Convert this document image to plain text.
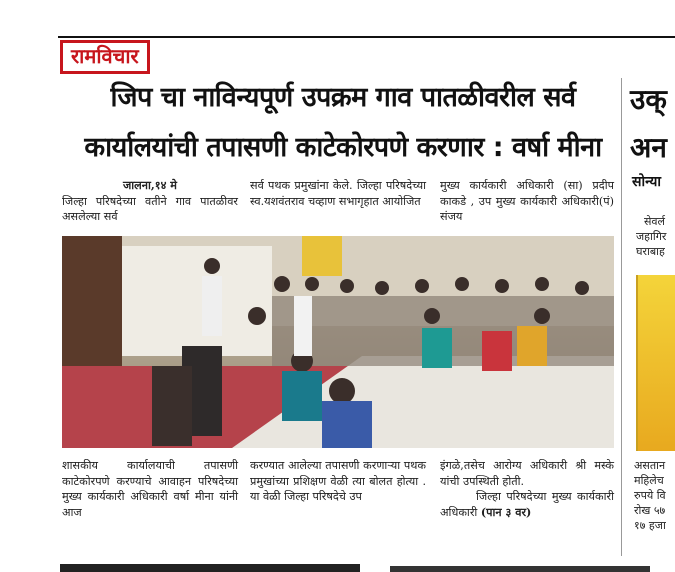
रामविचार
जिप चा नाविन्यपूर्ण उपक्रम गाव पातळीवरील सर्व
कार्यालयांची तपासणी काटेकोरपणे करणार : वर्षा मीना
जालना,१४ मे

जिल्हा परिषदेच्या वतीने गाव पातळीवर असलेल्या सर्व

सर्व पथक प्रमुखांना केले. जिल्हा परिषदेच्या स्व.यशवंतराव चव्हाण सभागृहात आयोजित

मुख्य कार्यकारी अधिकारी (सा) प्रदीप काकडे , उप मुख्य कार्यकारी अधिकारी(पं) संजय

शासकीय कार्यालयाची तपासणी काटेकोरपणे करण्याचे आवाहन परिषदेच्या मुख्य कार्यकारी अधिकारी वर्षा मीना यांनी आज

करण्यात आलेल्या तपासणी करणाऱ्या पथक प्रमुखांच्या प्रशिक्षण वेळी त्या बोलत होत्या . या वेळी जिल्हा परिषदेचे उप

इंगळे,तसेच आरोग्य अधिकारी श्री मस्के यांची उपस्थिती होती.

जिल्हा परिषदेच्या मुख्य कार्यकारी अधिकारी (पान ३ वर)

उक्
अन
सोन्या
सेवर्ल
जहागिर
घराबाह
असतान
महिलेच
रुपये वि
रोख ५७
१७ हजा
